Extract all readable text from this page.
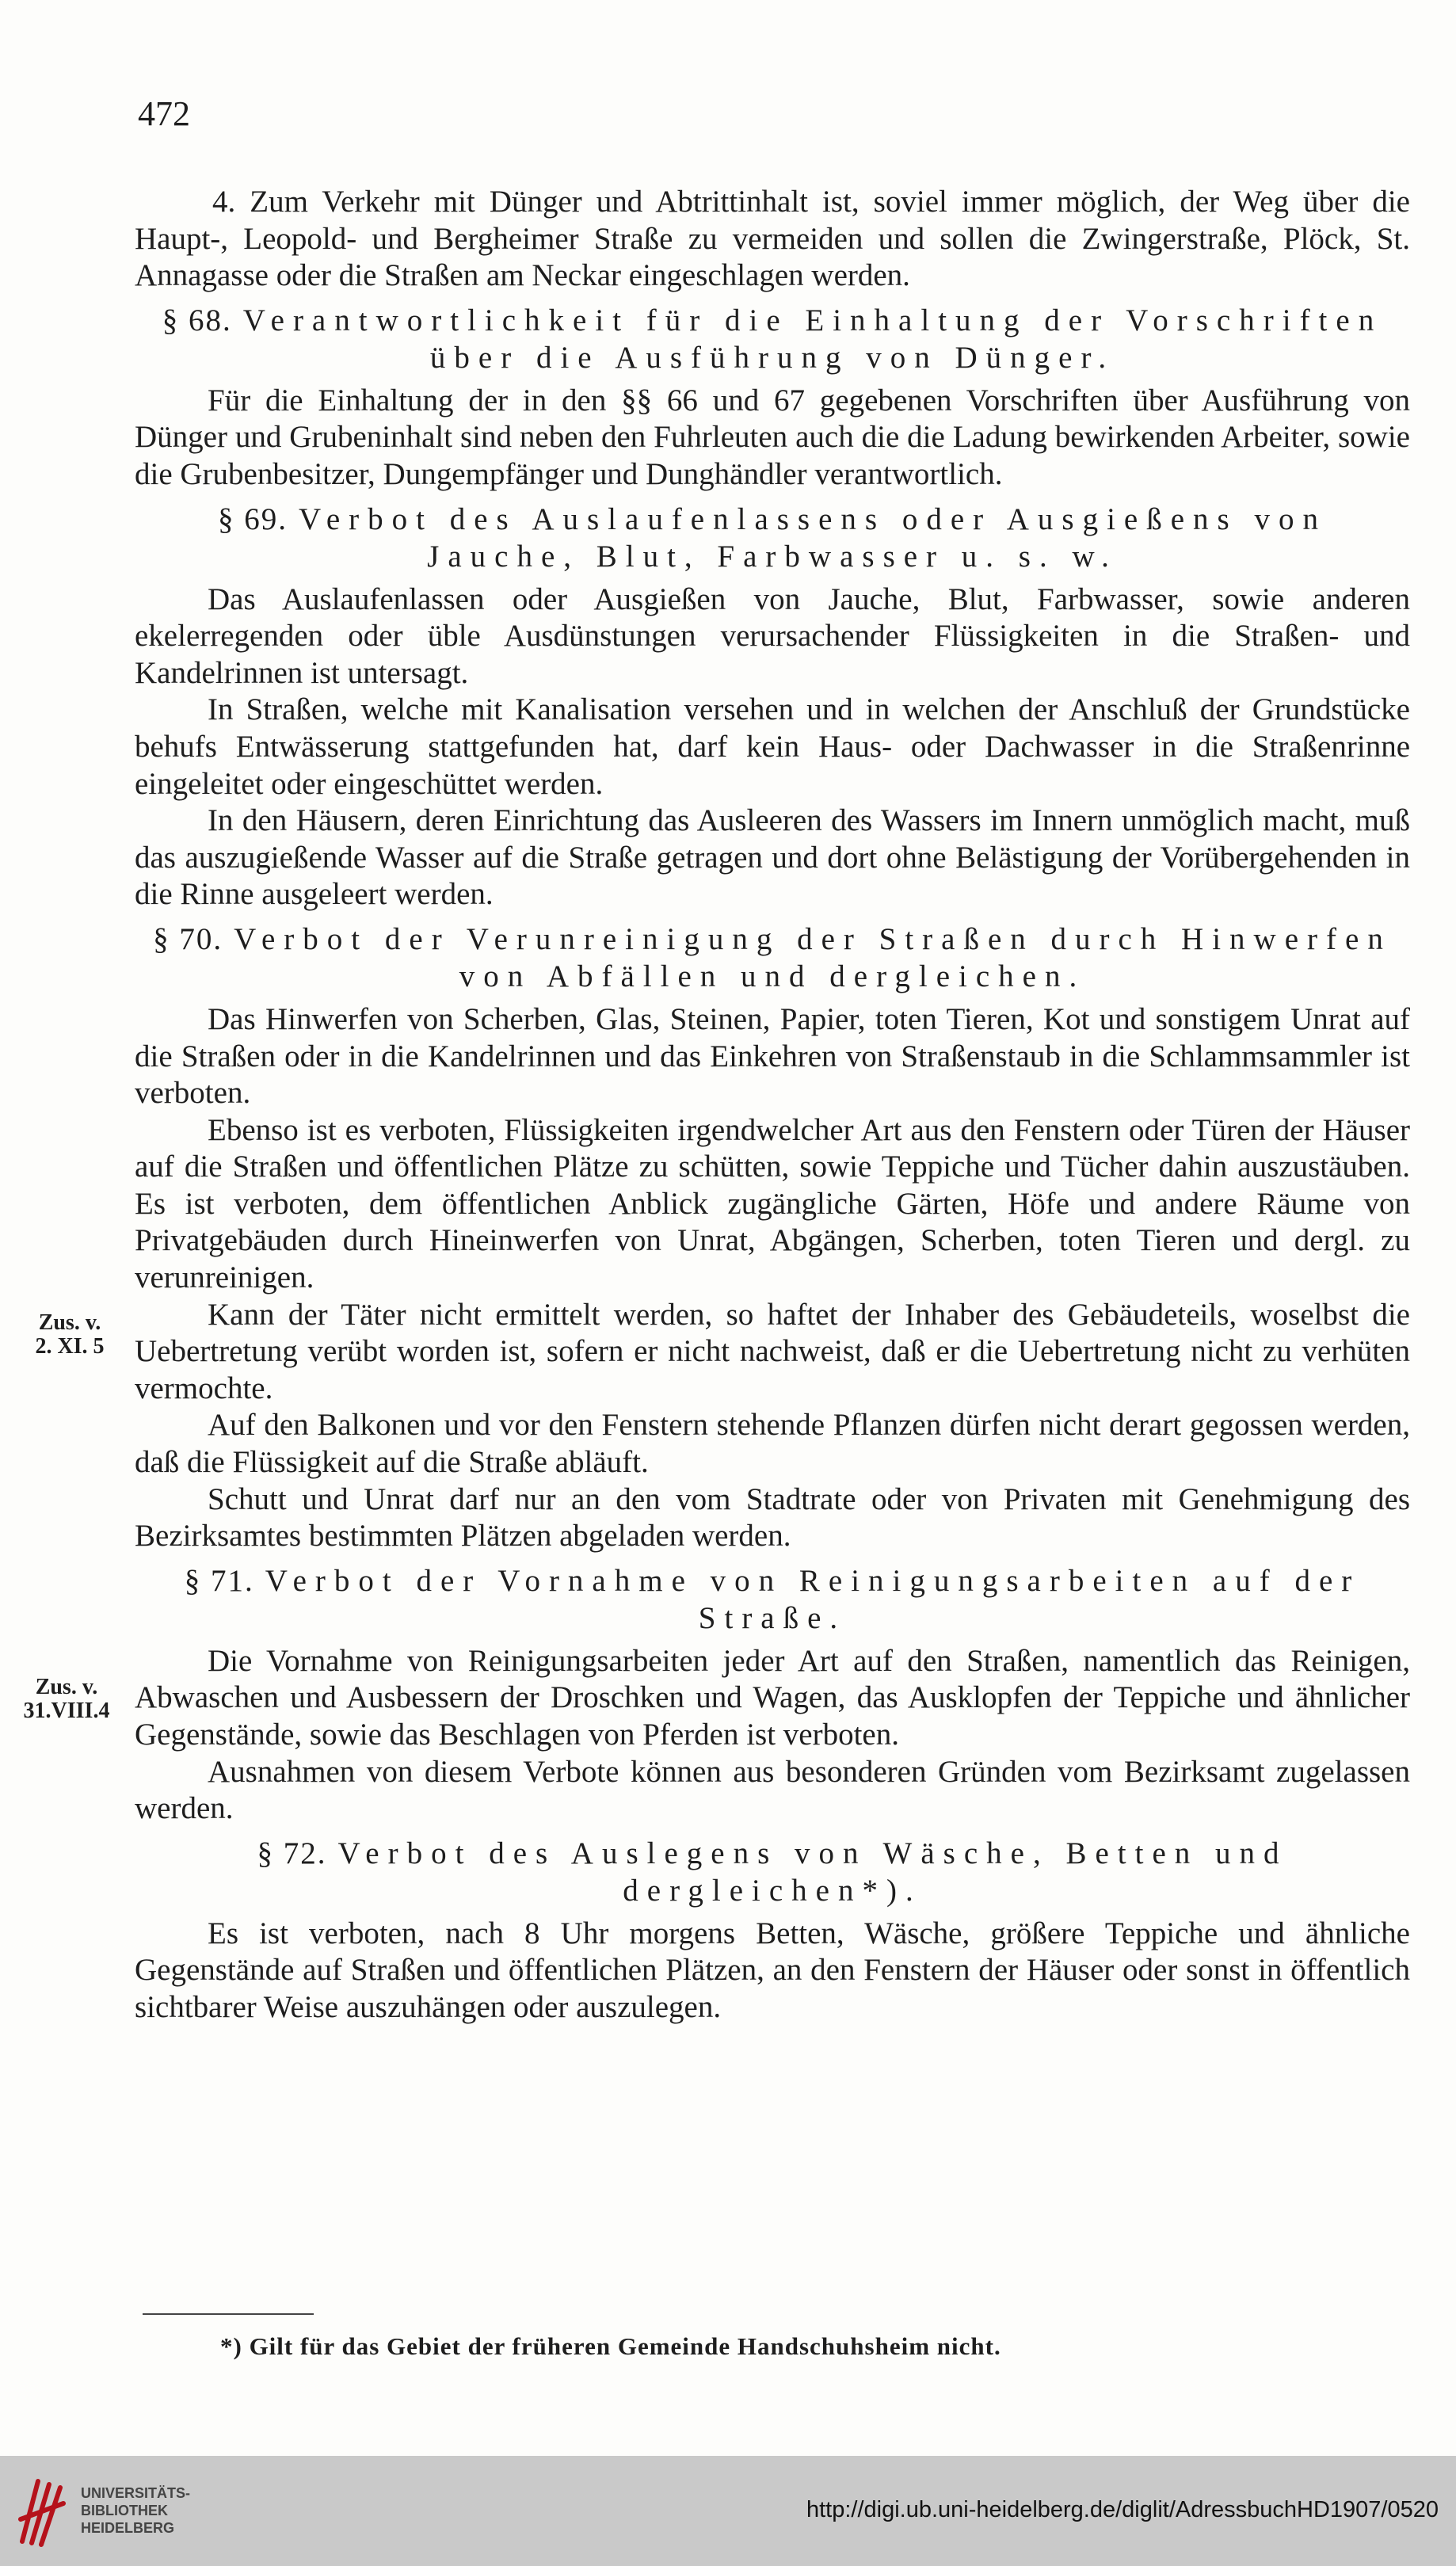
472

4. Zum Verkehr mit Dünger und Abtrittinhalt ist, soviel immer möglich, der Weg über die Haupt-, Leopold- und Bergheimer Straße zu vermeiden und sollen die Zwingerstraße, Plöck, St. Annagasse oder die Straßen am Neckar eingeschlagen werden.

§ 68. Verantwortlichkeit für die Einhaltung der Vorschriften über die Ausführung von Dünger.

Für die Einhaltung der in den §§ 66 und 67 gegebenen Vorschriften über Ausführung von Dünger und Grubeninhalt sind neben den Fuhrleuten auch die die Ladung bewirkenden Arbeiter, sowie die Grubenbesitzer, Dungempfänger und Dunghändler verantwortlich.

§ 69. Verbot des Auslaufenlassens oder Ausgießens von Jauche, Blut, Farbwasser u. s. w.

Das Auslaufenlassen oder Ausgießen von Jauche, Blut, Farbwasser, sowie anderen ekelerregenden oder üble Ausdünstungen verursachender Flüssigkeiten in die Straßen- und Kandelrinnen ist untersagt.

In Straßen, welche mit Kanalisation versehen und in welchen der Anschluß der Grundstücke behufs Entwässerung stattgefunden hat, darf kein Haus- oder Dachwasser in die Straßenrinne eingeleitet oder eingeschüttet werden.

In den Häusern, deren Einrichtung das Ausleeren des Wassers im Innern unmöglich macht, muß das auszugießende Wasser auf die Straße getragen und dort ohne Belästigung der Vorübergehenden in die Rinne ausgeleert werden.

§ 70. Verbot der Verunreinigung der Straßen durch Hinwerfen von Abfällen und dergleichen.

Das Hinwerfen von Scherben, Glas, Steinen, Papier, toten Tieren, Kot und sonstigem Unrat auf die Straßen oder in die Kandelrinnen und das Einkehren von Straßenstaub in die Schlammsammler ist verboten.

Ebenso ist es verboten, Flüssigkeiten irgendwelcher Art aus den Fenstern oder Türen der Häuser auf die Straßen und öffentlichen Plätze zu schütten, sowie Teppiche und Tücher dahin auszustäuben. Es ist verboten, dem öffentlichen Anblick zugängliche Gärten, Höfe und andere Räume von Privatgebäuden durch Hineinwerfen von Unrat, Abgängen, Scherben, toten Tieren und dergl. zu verunreinigen.

Kann der Täter nicht ermittelt werden, so haftet der Inhaber des Gebäudeteils, woselbst die Uebertretung verübt worden ist, sofern er nicht nachweist, daß er die Uebertretung nicht zu verhüten vermochte.

Auf den Balkonen und vor den Fenstern stehende Pflanzen dürfen nicht derart gegossen werden, daß die Flüssigkeit auf die Straße abläuft.

Schutt und Unrat darf nur an den vom Stadtrate oder von Privaten mit Genehmigung des Bezirksamtes bestimmten Plätzen abgeladen werden.

§ 71. Verbot der Vornahme von Reinigungsarbeiten auf der Straße.

Die Vornahme von Reinigungsarbeiten jeder Art auf den Straßen, namentlich das Reinigen, Abwaschen und Ausbessern der Droschken und Wagen, das Ausklopfen der Teppiche und ähnlicher Gegenstände, sowie das Beschlagen von Pferden ist verboten.

Ausnahmen von diesem Verbote können aus besonderen Gründen vom Bezirksamt zugelassen werden.

§ 72. Verbot des Auslegens von Wäsche, Betten und dergleichen*).

Es ist verboten, nach 8 Uhr morgens Betten, Wäsche, größere Teppiche und ähnliche Gegenstände auf Straßen und öffentlichen Plätzen, an den Fenstern der Häuser oder sonst in öffentlich sichtbarer Weise auszuhängen oder auszulegen.

Zus. v.
2. XI. 5
Zus. v.
31.VIII.4
*) Gilt für das Gebiet der früheren Gemeinde Handschuhsheim nicht.
UNIVERSITÄTS-
BIBLIOTHEK
HEIDELBERG
http://digi.ub.uni-heidelberg.de/diglit/AdressbuchHD1907/0520
